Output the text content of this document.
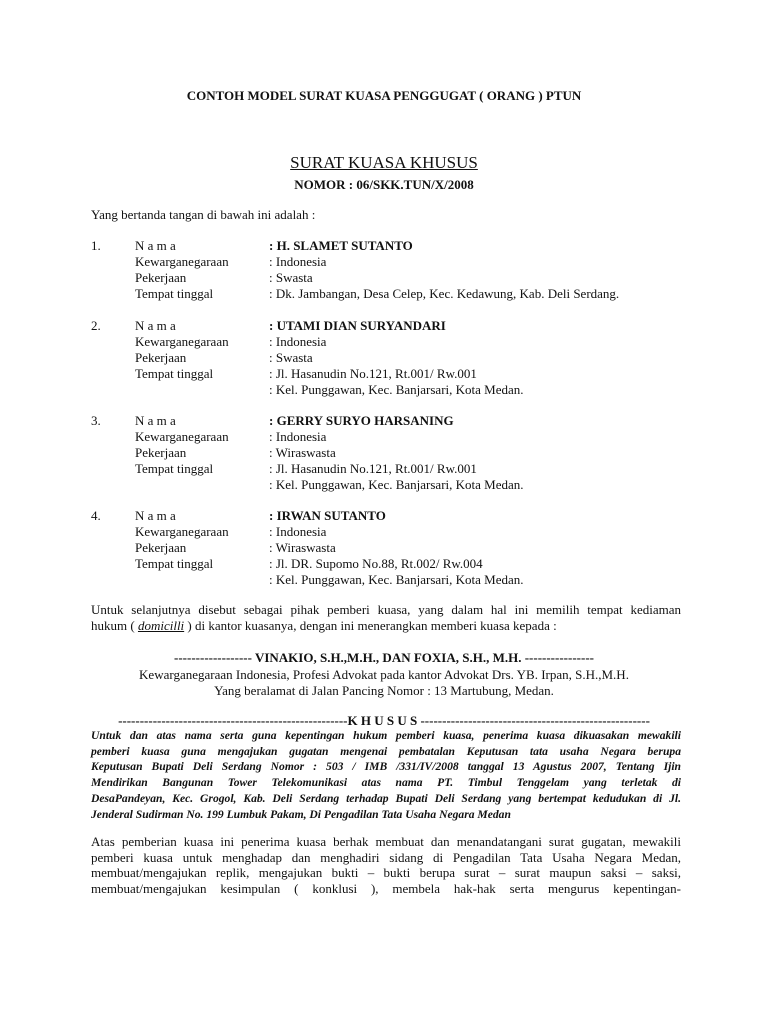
CONTOH MODEL SURAT KUASA PENGGUGAT ( ORANG ) PTUN
SURAT KUASA KHUSUS
NOMOR : 06/SKK.TUN/X/2008
Yang bertanda tangan di bawah ini adalah :
1.	N a m a	: H. SLAMET SUTANTO
Kewarganegaraan	: Indonesia
Pekerjaan	: Swasta
Tempat tinggal	: Dk. Jambangan, Desa Celep, Kec. Kedawung, Kab. Deli Serdang.
2.	N a m a	: UTAMI DIAN SURYANDARI
Kewarganegaraan	: Indonesia
Pekerjaan	: Swasta
Tempat tinggal	: Jl. Hasanudin No.121, Rt.001/ Rw.001
: Kel. Punggawan, Kec. Banjarsari, Kota Medan.
3.	N a m a	: GERRY SURYO HARSANING
Kewarganegaraan	: Indonesia
Pekerjaan	: Wiraswasta
Tempat tinggal	: Jl. Hasanudin No.121, Rt.001/ Rw.001
: Kel. Punggawan, Kec. Banjarsari, Kota Medan.
4.	N a m a	: IRWAN SUTANTO
Kewarganegaraan	: Indonesia
Pekerjaan	: Wiraswasta
Tempat tinggal	: Jl. DR. Supomo No.88, Rt.002/ Rw.004
: Kel. Punggawan, Kec. Banjarsari, Kota Medan.
Untuk selanjutnya disebut sebagai pihak pemberi kuasa, yang dalam hal ini memilih tempat kediaman
hukum ( domicilli ) di kantor kuasanya, dengan ini menerangkan memberi kuasa kepada :
------------------ VINAKIO, S.H.,M.H., DAN FOXIA, S.H., M.H. ----------------
Kewarganegaraan Indonesia, Profesi Advokat pada kantor Advokat Drs. YB. Irpan, S.H.,M.H.
Yang beralamat di Jalan Pancing Nomor : 13 Martubung, Medan.
-----------------------------------------------------K H U S U S -----------------------------------------------------
Untuk dan atas nama serta guna kepentingan hukum pemberi kuasa, penerima kuasa dikuasakan mewakili
pemberi kuasa guna mengajukan gugatan mengenai pembatalan Keputusan tata usaha Negara berupa
Keputusan Bupati Deli Serdang Nomor : 503 / IMB /331/IV/2008 tanggal 13 Agustus 2007, Tentang Ijin
Mendirikan Bangunan Tower Telekomunikasi atas nama PT. Timbul Tenggelam yang terletak di
DesaPandeyan, Kec. Grogol, Kab. Deli Serdang terhadap Bupati Deli Serdang yang bertempat kedudukan di Jl.
Jenderal Sudirman No. 199 Lumbuk Pakam, Di Pengadilan Tata Usaha Negara Medan
Atas pemberian kuasa ini penerima kuasa berhak membuat dan menandatangani surat gugatan, mewakili
pemberi kuasa untuk menghadap dan menghadiri sidang di Pengadilan Tata Usaha Negara Medan,
membuat/mengajukan replik, mengajukan bukti – bukti berupa surat – surat maupun saksi – saksi,
membuat/mengajukan kesimpulan ( konklusi ), membela hak-hak serta mengurus kepentingan-
